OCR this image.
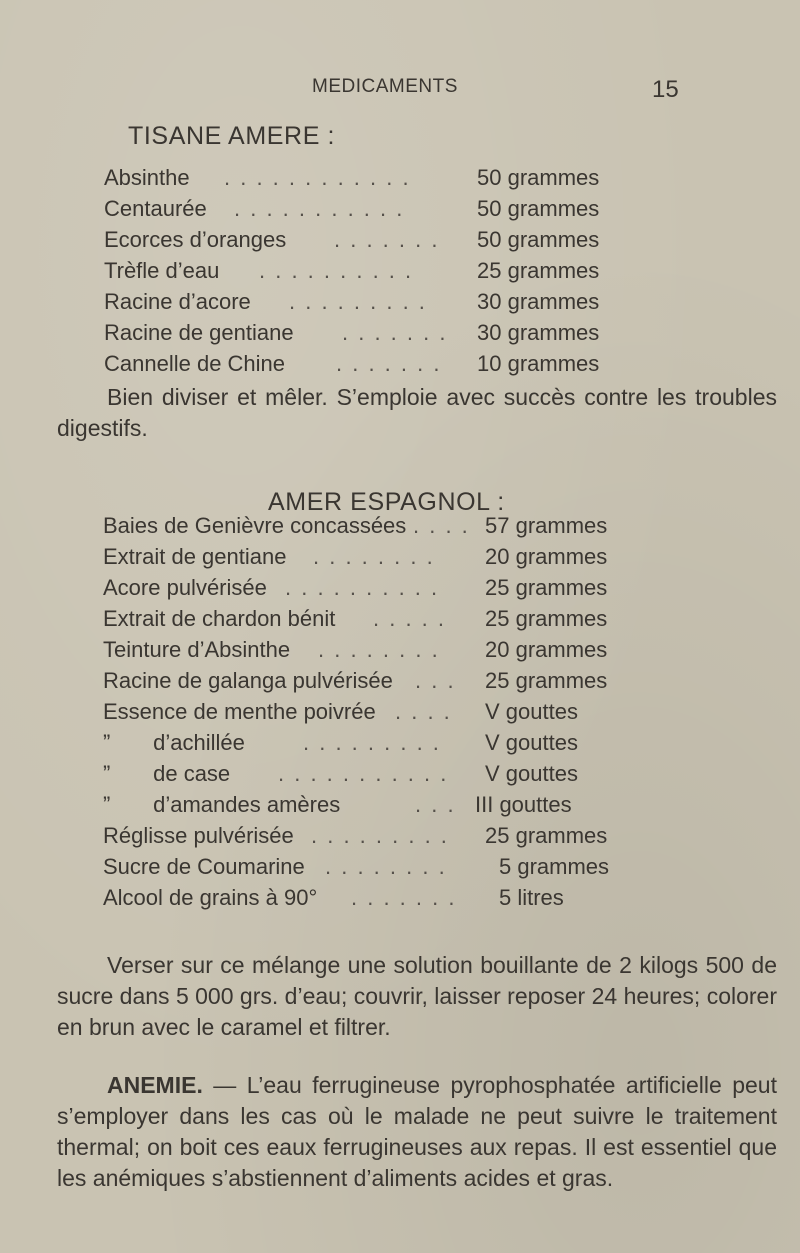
MEDICAMENTS	15
TISANE AMERE :
Absinthe . . . . . . . . . . . .	50 grammes
Centaurée . . . . . . . . . . .	50 grammes
Ecorces d’oranges . . . . . . . 50 grammes
Trèfle d’eau . . . . . . . . . .	25 grammes
Racine d’acore . . . . . . . . . 30 grammes
Racine de gentiane . . . . . . . 30 grammes
Cannelle de Chine . . . . . . . 10 grammes

Bien diviser et mêler. S’emploie avec succès contre les troubles digestifs.

AMER ESPAGNOL :
Baies de Genièvre concassées . . . . 57 grammes
Extrait de gentiane . . . . . . . . 20 grammes
Acore pulvérisée . . . . . . . . . . 25 grammes
Extrait de chardon bénit . . . . . 25 grammes
Teinture d’Absinthe . . . . . . . . 20 grammes
Racine de galanga pulvérisée . . . 25 grammes
Essence de menthe poivrée . . . . V gouttes
”       d’achillée	. . . . . . . . . V gouttes
”       de case . . . . . . . . . . . V gouttes
”       d’amandes amères	. . . III gouttes
Réglisse pulvérisée . . . . . . . . . 25 grammes
Sucre de Coumarine . . . . . . . . 5 grammes
Alcool de grains à 90° . . . . . . . 5 litres

Verser sur ce mélange une solution bouillante de 2 kilogs 500 de sucre dans 5 000 grs. d’eau; couvrir, laisser reposer 24 heures; colorer en brun avec le caramel et filtrer.

ANEMIE. — L’eau ferrugineuse pyrophosphatée artificielle peut s’employer dans les cas où le malade ne peut suivre le traitement thermal; on boit ces eaux ferrugineuses aux repas. Il est essentiel que les anémiques s’abstiennent d’aliments acides et gras.
